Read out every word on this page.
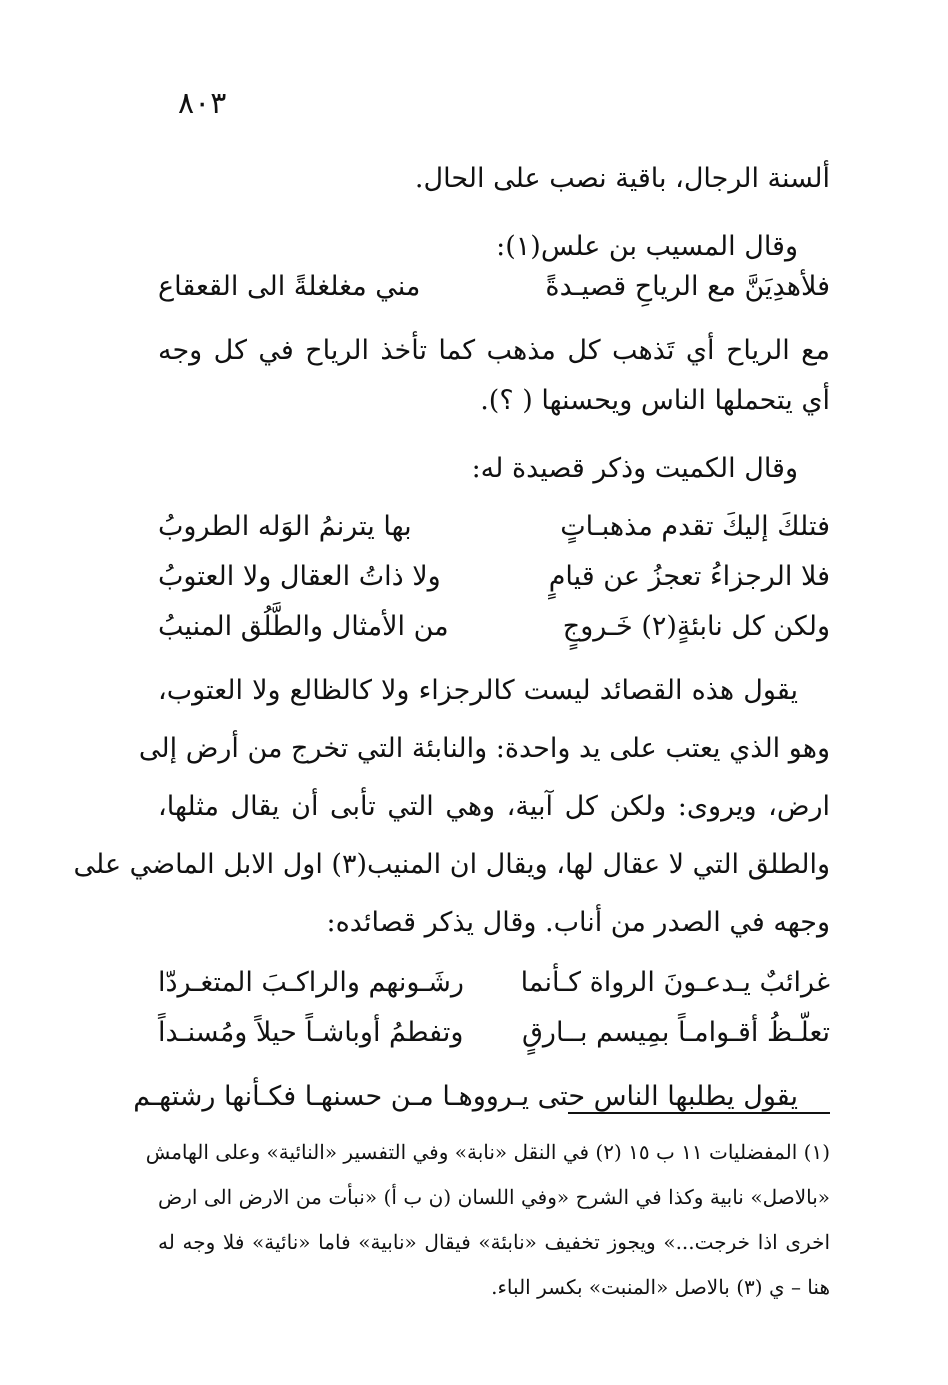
٨٠٣
ألسنة الرجال، باقية نصب على الحال.
وقال المسيب بن علس(١):
فلأهدِيَنَّ مع الرياحِ قصيـدةً
مني مغلغلةً الى القعقاع
مع الرياح أي تَذهب كل مذهب كما تأخذ الرياح في كل وجه
أي يتحملها الناس ويحسنها ( ؟).
وقال الكميت وذكر قصيدة له:
فتلكَ إليكَ تقدم مذهبـاتٍ
بها يترنمُ الوَله الطروبُ
فلا الرجزاءُ تعجزُ عن قيامٍ
ولا ذاتُ العقال ولا العتوبُ
ولكن كل نابئةٍ(٢) خَـروجٍ
من الأمثال والطَّلُق المنيبُ
يقول هذه القصائد ليست كالرجزاء ولا كالظالع ولا العتوب،
وهو الذي يعتب على يد واحدة: والنابئة التي تخرج من أرض إلى
ارض، ويروى: ولكن كل آبية، وهي التي تأبى أن يقال مثلها،
والطلق التي لا عقال لها، ويقال ان المنيب(٣) اول الابل الماضي على
وجهه في الصدر من أناب. وقال يذكر قصائده:
غرائبٌ يـدعـونَ الرواة كـأنما
رشَـونهم والراكـبَ المتغـردّا
تعلّـظُ أقـوامـاً بمِيسم بــارقٍ
وتفطمُ أوباشـاً حيلاً ومُسنـداً
يقول يطلبها الناس حتى يـرووهـا مـن حسنهـا فكـأنها رشتهـم
(١) المفضليات ١١ ب ١٥ (٢) في النقل «نابة» وفي التفسير «النائية» وعلى الهامش
«بالاصل» نابية وكذا في الشرح «وفي اللسان (ن ب أ) «نبأت من الارض الى ارض
اخرى اذا خرجت...» ويجوز تخفيف «نابئة» فيقال «نابية» فاما «نائية» فلا وجه له
هنا – ي (٣) بالاصل «المنبت» بكسر الباء.
